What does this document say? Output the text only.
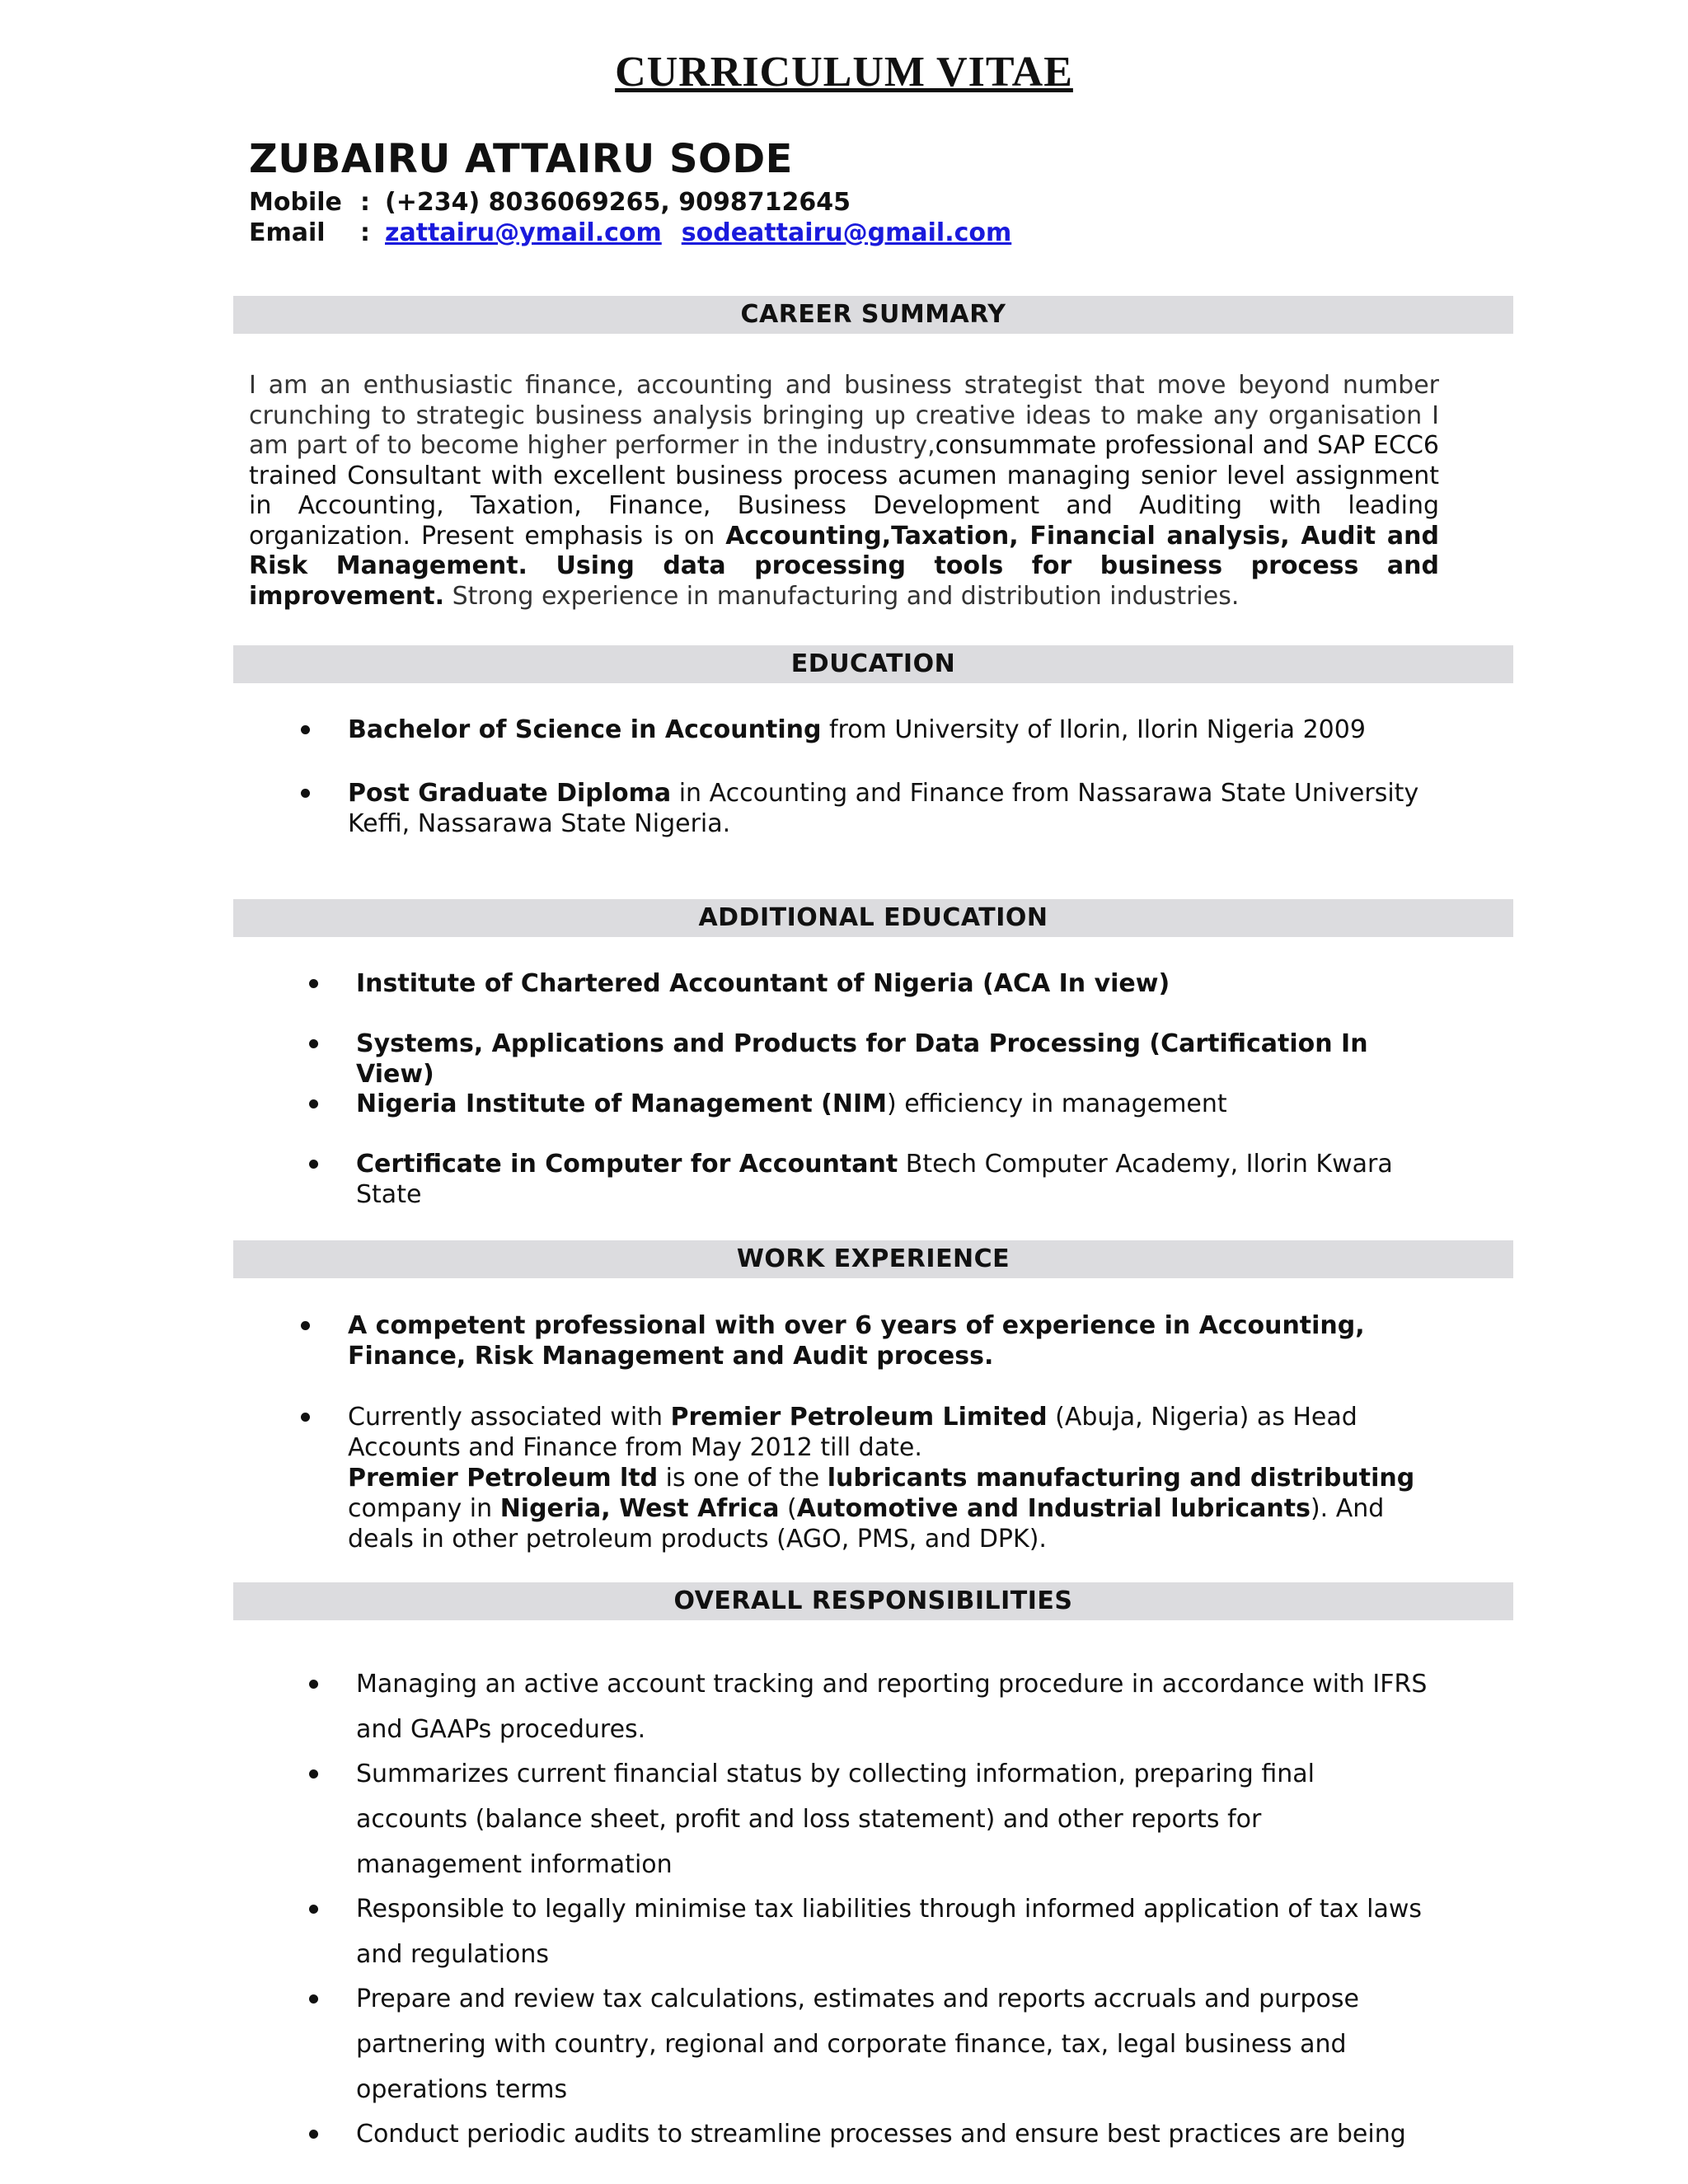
CURRICULUM VITAE
ZUBAIRU ATTAIRU SODE
Mobile : (+234) 8036069265, 9098712645
Email : zattairu@ymail.com sodeattairu@gmail.com
CAREER SUMMARY
I am an enthusiastic finance, accounting and business strategist that move beyond number crunching to strategic business analysis bringing up creative ideas to make any organisation I am part of to become higher performer in the industry,consummate professional and SAP ECC6 trained Consultant with excellent business process acumen managing senior level assignment in Accounting, Taxation, Finance, Business Development and Auditing with leading organization. Present emphasis is on Accounting,Taxation, Financial analysis, Audit and Risk Management. Using data processing tools for business process and improvement. Strong experience in manufacturing and distribution industries.
EDUCATION
Bachelor of Science in Accounting from University of Ilorin, Ilorin Nigeria 2009
Post Graduate Diploma in Accounting and Finance from Nassarawa State University Keffi, Nassarawa State Nigeria.
ADDITIONAL EDUCATION
Institute of Chartered Accountant of Nigeria (ACA In view)
Systems, Applications and Products for Data Processing (Cartification In View)
Nigeria Institute of Management (NIM) efficiency in management
Certificate in Computer for Accountant Btech Computer Academy, Ilorin Kwara State
WORK EXPERIENCE
A competent professional with over 6 years of experience in Accounting, Finance, Risk Management and Audit process.
Currently associated with Premier Petroleum Limited (Abuja, Nigeria) as Head Accounts and Finance from May 2012 till date.
Premier Petroleum ltd is one of the lubricants manufacturing and distributing company in Nigeria, West Africa (Automotive and Industrial lubricants). And deals in other petroleum products (AGO, PMS, and DPK).
OVERALL RESPONSIBILITIES
Managing an active account tracking and reporting procedure in accordance with IFRS and GAAPs procedures.
Summarizes current financial status by collecting information, preparing final accounts (balance sheet, profit and loss statement) and other reports for management information
Responsible to legally minimise tax liabilities through informed application of tax laws and regulations
Prepare and review tax calculations, estimates and reports accruals and purpose partnering with country, regional and corporate finance, tax, legal business and operations terms
Conduct periodic audits to streamline processes and ensure best practices are being
